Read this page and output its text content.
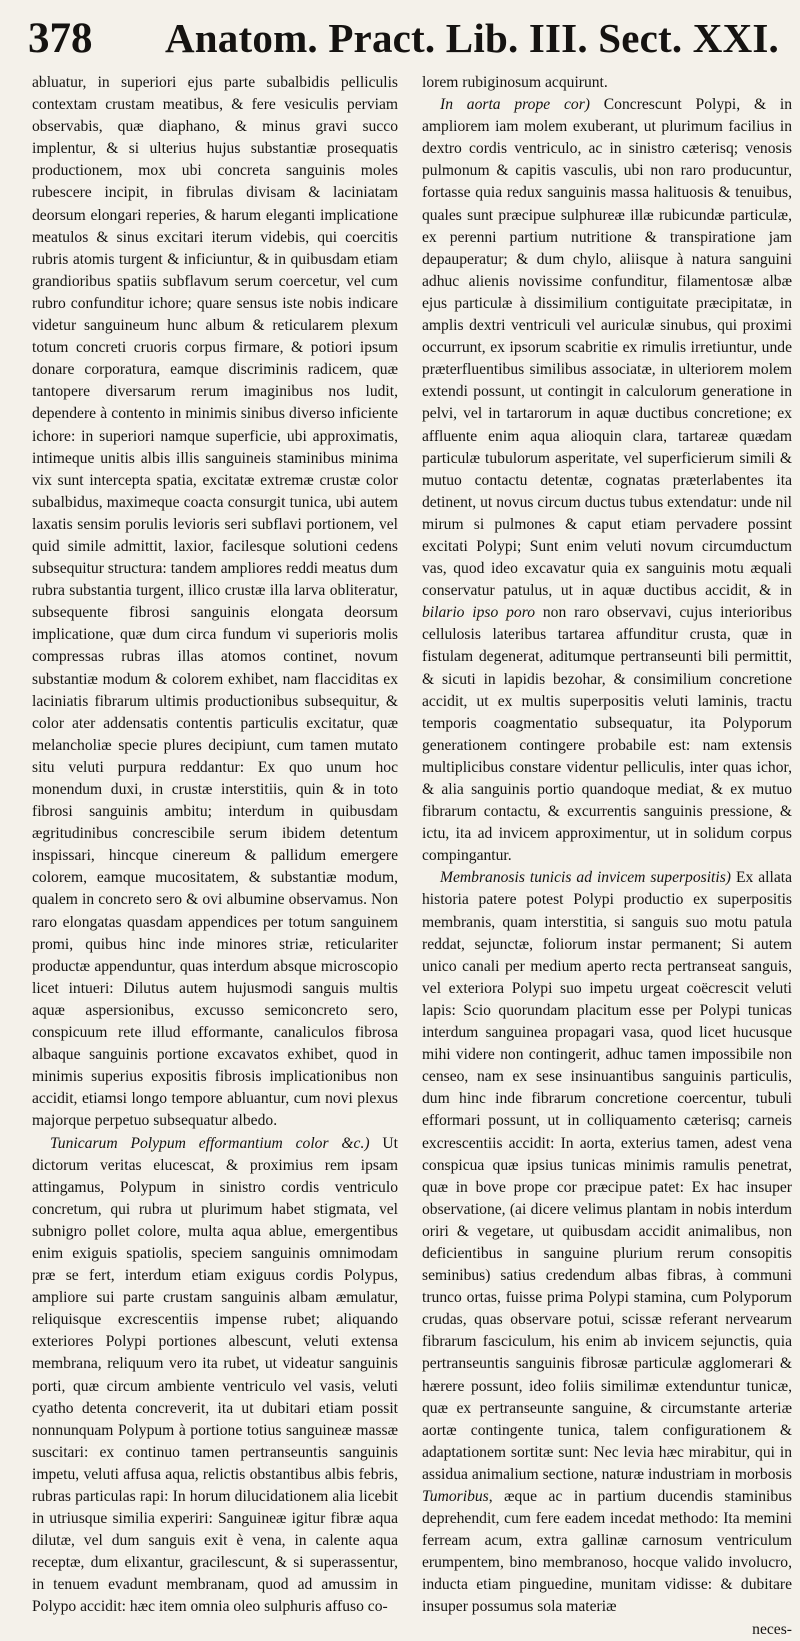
378 Anatom. Pract. Lib. III. Sect. XXI.

abluatur, in superiori ejus parte subalbidis pelliculis contextam crustam meatibus, & fere vesiculis perviam observabis, quæ diaphano, & minus gravi succo implentur, & si ulterius hujus substantiæ prosequatis productionem, mox ubi concreta sanguinis moles rubescere incipit, in fibrulas divisam & laciniatam deorsum elongari reperies, & harum eleganti implicatione meatulos & sinus excitari iterum videbis, qui coercitis rubris atomis turgent & inficiuntur, & in quibusdam etiam grandioribus spatiis subflavum serum coercetur, vel cum rubro confunditur ichore; quare sensus iste nobis indicare videtur sanguineum hunc album & reticularem plexum totum concreti cruoris corpus firmare, & potiori ipsum donare corporatura, eamque discriminis radicem, quæ tantopere diversarum rerum imaginibus nos ludit, dependere à contento in minimis sinibus diverso inficiente ichore: in superiori namque superficie, ubi approximatis, intimeque unitis albis illis sanguineis staminibus minima vix sunt intercepta spatia, excitatæ extremæ crustæ color subalbidus, maximeque coacta consurgit tunica, ubi autem laxatis sensim porulis levioris seri subflavi portionem, vel quid simile admittit, laxior, facilesque solutioni cedens subsequitur structura: tandem ampliores reddi meatus dum rubra substantia turgent, illico crustæ illa larva obliteratur, subsequente fibrosi sanguinis elongata deorsum implicatione, quæ dum circa fundum vi superioris molis compressas rubras illas atomos continet, novum substantiæ modum & colorem exhibet, nam flacciditas ex laciniatis fibrarum ultimis productionibus subsequitur, & color ater addensatis contentis particulis excitatur, quæ melancholiæ specie plures decipiunt, cum tamen mutato situ veluti purpura reddantur: Ex quo unum hoc monendum duxi, in crustæ interstitiis, quin & in toto fibrosi sanguinis ambitu; interdum in quibusdam ægritudinibus concrescibile serum ibidem detentum inspissari, hincque cinereum & pallidum emergere colorem, eamque mucositatem, & substantiæ modum, qualem in concreto sero & ovi albumine observamus. Non raro elongatas quasdam appendices per totum sanguinem promi, quibus hinc inde minores striæ, reticulariter productæ appenduntur, quas interdum absque microscopio licet intueri: Dilutus autem hujusmodi sanguis multis aquæ aspersionibus, excusso semiconcreto sero, conspicuum rete illud efformante, canaliculos fibrosa albaque sanguinis portione excavatos exhibet, quod in minimis superius expositis fibrosis implicationibus non accidit, etiamsi longo tempore abluantur, cum novi plexus majorque perpetuo subsequatur albedo.

Tunicarum Polypum efformantium color &c.) Ut dictorum veritas elucescat, & proximius rem ipsam attingamus, Polypum in sinistro cordis ventriculo concretum, qui rubra ut plurimum habet stigmata, vel subnigro pollet colore, multa aqua ablue, emergentibus enim exiguis spatiolis, speciem sanguinis omnimodam præ se fert, interdum etiam exiguus cordis Polypus, ampliore sui parte crustam sanguinis albam æmulatur, reliquisque excrescentiis impense rubet; aliquando exteriores Polypi portiones albescunt, veluti extensa membrana, reliquum vero ita rubet, ut videatur sanguinis porti, quæ circum ambiente ventriculo vel vasis, veluti cyatho detenta concreverit, ita ut dubitari etiam possit nonnunquam Polypum à portione totius sanguineæ massæ suscitari: ex continuo tamen pertranseuntis sanguinis impetu, veluti affusa aqua, relictis obstantibus albis febris, rubras particulas rapi: In horum dilucidationem alia licebit in utriusque similia experiri: Sanguineæ igitur fibræ aqua dilutæ, vel dum sanguis exit è vena, in calente aqua receptæ, dum elixantur, gracilescunt, & si superassentur, in tenuem evadunt membranam, quod ad amussim in Polypo accidit: hæc item omnia oleo sulphuris affuso co-

lorem rubiginosum acquirunt.

In aorta prope cor) Concrescunt Polypi, & in ampliorem iam molem exuberant, ut plurimum facilius in dextro cordis ventriculo, ac in sinistro cæterisq; venosis pulmonum & capitis vasculis, ubi non raro producuntur, fortasse quia redux sanguinis massa halituosis & tenuibus, quales sunt præcipue sulphureæ illæ rubicundæ particulæ, ex perenni partium nutritione & transpiratione jam depauperatur; & dum chylo, aliisque à natura sanguini adhuc alienis novissime confunditur, filamentosæ albæ ejus particulæ à dissimilium contiguitate præcipitatæ, in amplis dextri ventriculi vel auriculæ sinubus, qui proximi occurrunt, ex ipsorum scabritie ex rimulis irretiuntur, unde præterfluentibus similibus associatæ, in ulteriorem molem extendi possunt, ut contingit in calculorum generatione in pelvi, vel in tartarorum in aquæ ductibus concretione; ex affluente enim aqua alioquin clara, tartareæ quædam particulæ tubulorum asperitate, vel superficierum simili & mutuo contactu detentæ, cognatas præterlabentes ita detinent, ut novus circum ductus tubus extendatur: unde nil mirum si pulmones & caput etiam pervadere possint excitati Polypi; Sunt enim veluti novum circumductum vas, quod ideo excavatur quia ex sanguinis motu æquali conservatur patulus, ut in aquæ ductibus accidit, & in bilario ipso poro non raro observavi, cujus interioribus cellulosis lateribus tartarea affunditur crusta, quæ in fistulam degenerat, aditumque pertranseunti bili permittit, & sicuti in lapidis bezohar, & consimilium concretione accidit, ut ex multis superpositis veluti laminis, tractu temporis coagmentatio subsequatur, ita Polyporum generationem contingere probabile est: nam extensis multiplicibus constare videntur pelliculis, inter quas ichor, & alia sanguinis portio quandoque mediat, & ex mutuo fibrarum contactu, & excurrentis sanguinis pressione, & ictu, ita ad invicem approximentur, ut in solidum corpus compingantur.

Membranosis tunicis ad invicem superpositis) Ex allata historia patere potest Polypi productio ex superpositis membranis, quam interstitia, si sanguis suo motu patula reddat, sejunctæ, foliorum instar permanent; Si autem unico canali per medium aperto recta pertranseat sanguis, vel exteriora Polypi suo impetu urgeat coëcrescit veluti lapis: Scio quorundam placitum esse per Polypi tunicas interdum sanguinea propagari vasa, quod licet hucusque mihi videre non contingerit, adhuc tamen impossibile non censeo, nam ex sese insinuantibus sanguinis particulis, dum hinc inde fibrarum concretione coercentur, tubuli efformari possunt, ut in colliquamento cæterisq; carneis excrescentiis accidit: In aorta, exterius tamen, adest vena conspicua quæ ipsius tunicas minimis ramulis penetrat, quæ in bove prope cor præcipue patet: Ex hac insuper observatione, (ai dicere velimus plantam in nobis interdum oriri & vegetare, ut quibusdam accidit animalibus, non deficientibus in sanguine plurium rerum consopitis seminibus) satius credendum albas fibras, à communi trunco ortas, fuisse prima Polypi stamina, cum Polyporum crudas, quas observare potui, scissæ referant nervearum fibrarum fasciculum, his enim ab invicem sejunctis, quia pertranseuntis sanguinis fibrosæ particulæ agglomerari & hærere possunt, ideo foliis similimæ extenduntur tunicæ, quæ ex pertranseunte sanguine, & circumstante arteriæ aortæ contingente tunica, talem configurationem & adaptationem sortitæ sunt: Nec levia hæc mirabitur, qui in assidua animalium sectione, naturæ industriam in morbosis Tumoribus, æque ac in partium ducendis staminibus deprehendit, cum fere eadem incedat methodo: Ita memini ferream acum, extra gallinæ carnosum ventriculum erumpentem, bino membranoso, hocque valido involucro, inducta etiam pinguedine, munitam vidisse: & dubitare insuper possumus sola materiæ

neces-
